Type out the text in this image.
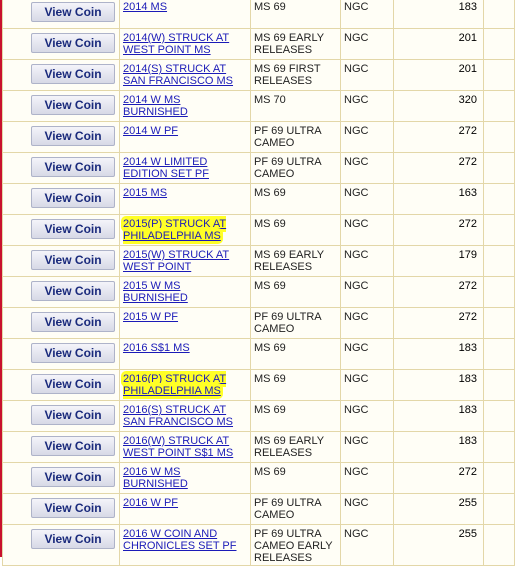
View Coin	2014 MS	MS 69	NGC	183	
View Coin	2014(W) STRUCK AT WEST POINT MS	MS 69 EARLY RELEASES	NGC	201	
View Coin	2014(S) STRUCK AT SAN FRANCISCO MS	MS 69 FIRST RELEASES	NGC	201	
View Coin	2014 W MS BURNISHED	MS 70	NGC	320	
View Coin	2014 W PF	PF 69 ULTRA CAMEO	NGC	272	
View Coin	2014 W LIMITED EDITION SET PF	PF 69 ULTRA CAMEO	NGC	272	
View Coin	2015 MS	MS 69	NGC	163	
View Coin	2015(P) STRUCK AT PHILADELPHIA MS	MS 69	NGC	272	
View Coin	2015(W) STRUCK AT WEST POINT	MS 69 EARLY RELEASES	NGC	179	
View Coin	2015 W MS BURNISHED	MS 69	NGC	272	
View Coin	2015 W PF	PF 69 ULTRA CAMEO	NGC	272	
View Coin	2016 S$1 MS	MS 69	NGC	183	
View Coin	2016(P) STRUCK AT PHILADELPHIA MS	MS 69	NGC	183	
View Coin	2016(S) STRUCK AT SAN FRANCISCO MS	MS 69	NGC	183	
View Coin	2016(W) STRUCK AT WEST POINT S$1 MS	MS 69 EARLY RELEASES	NGC	183	
View Coin	2016 W MS BURNISHED	MS 69	NGC	272	
View Coin	2016 W PF	PF 69 ULTRA CAMEO	NGC	255	
View Coin	2016 W COIN AND CHRONICLES SET PF	PF 69 ULTRA CAMEO EARLY RELEASES	NGC	255	
